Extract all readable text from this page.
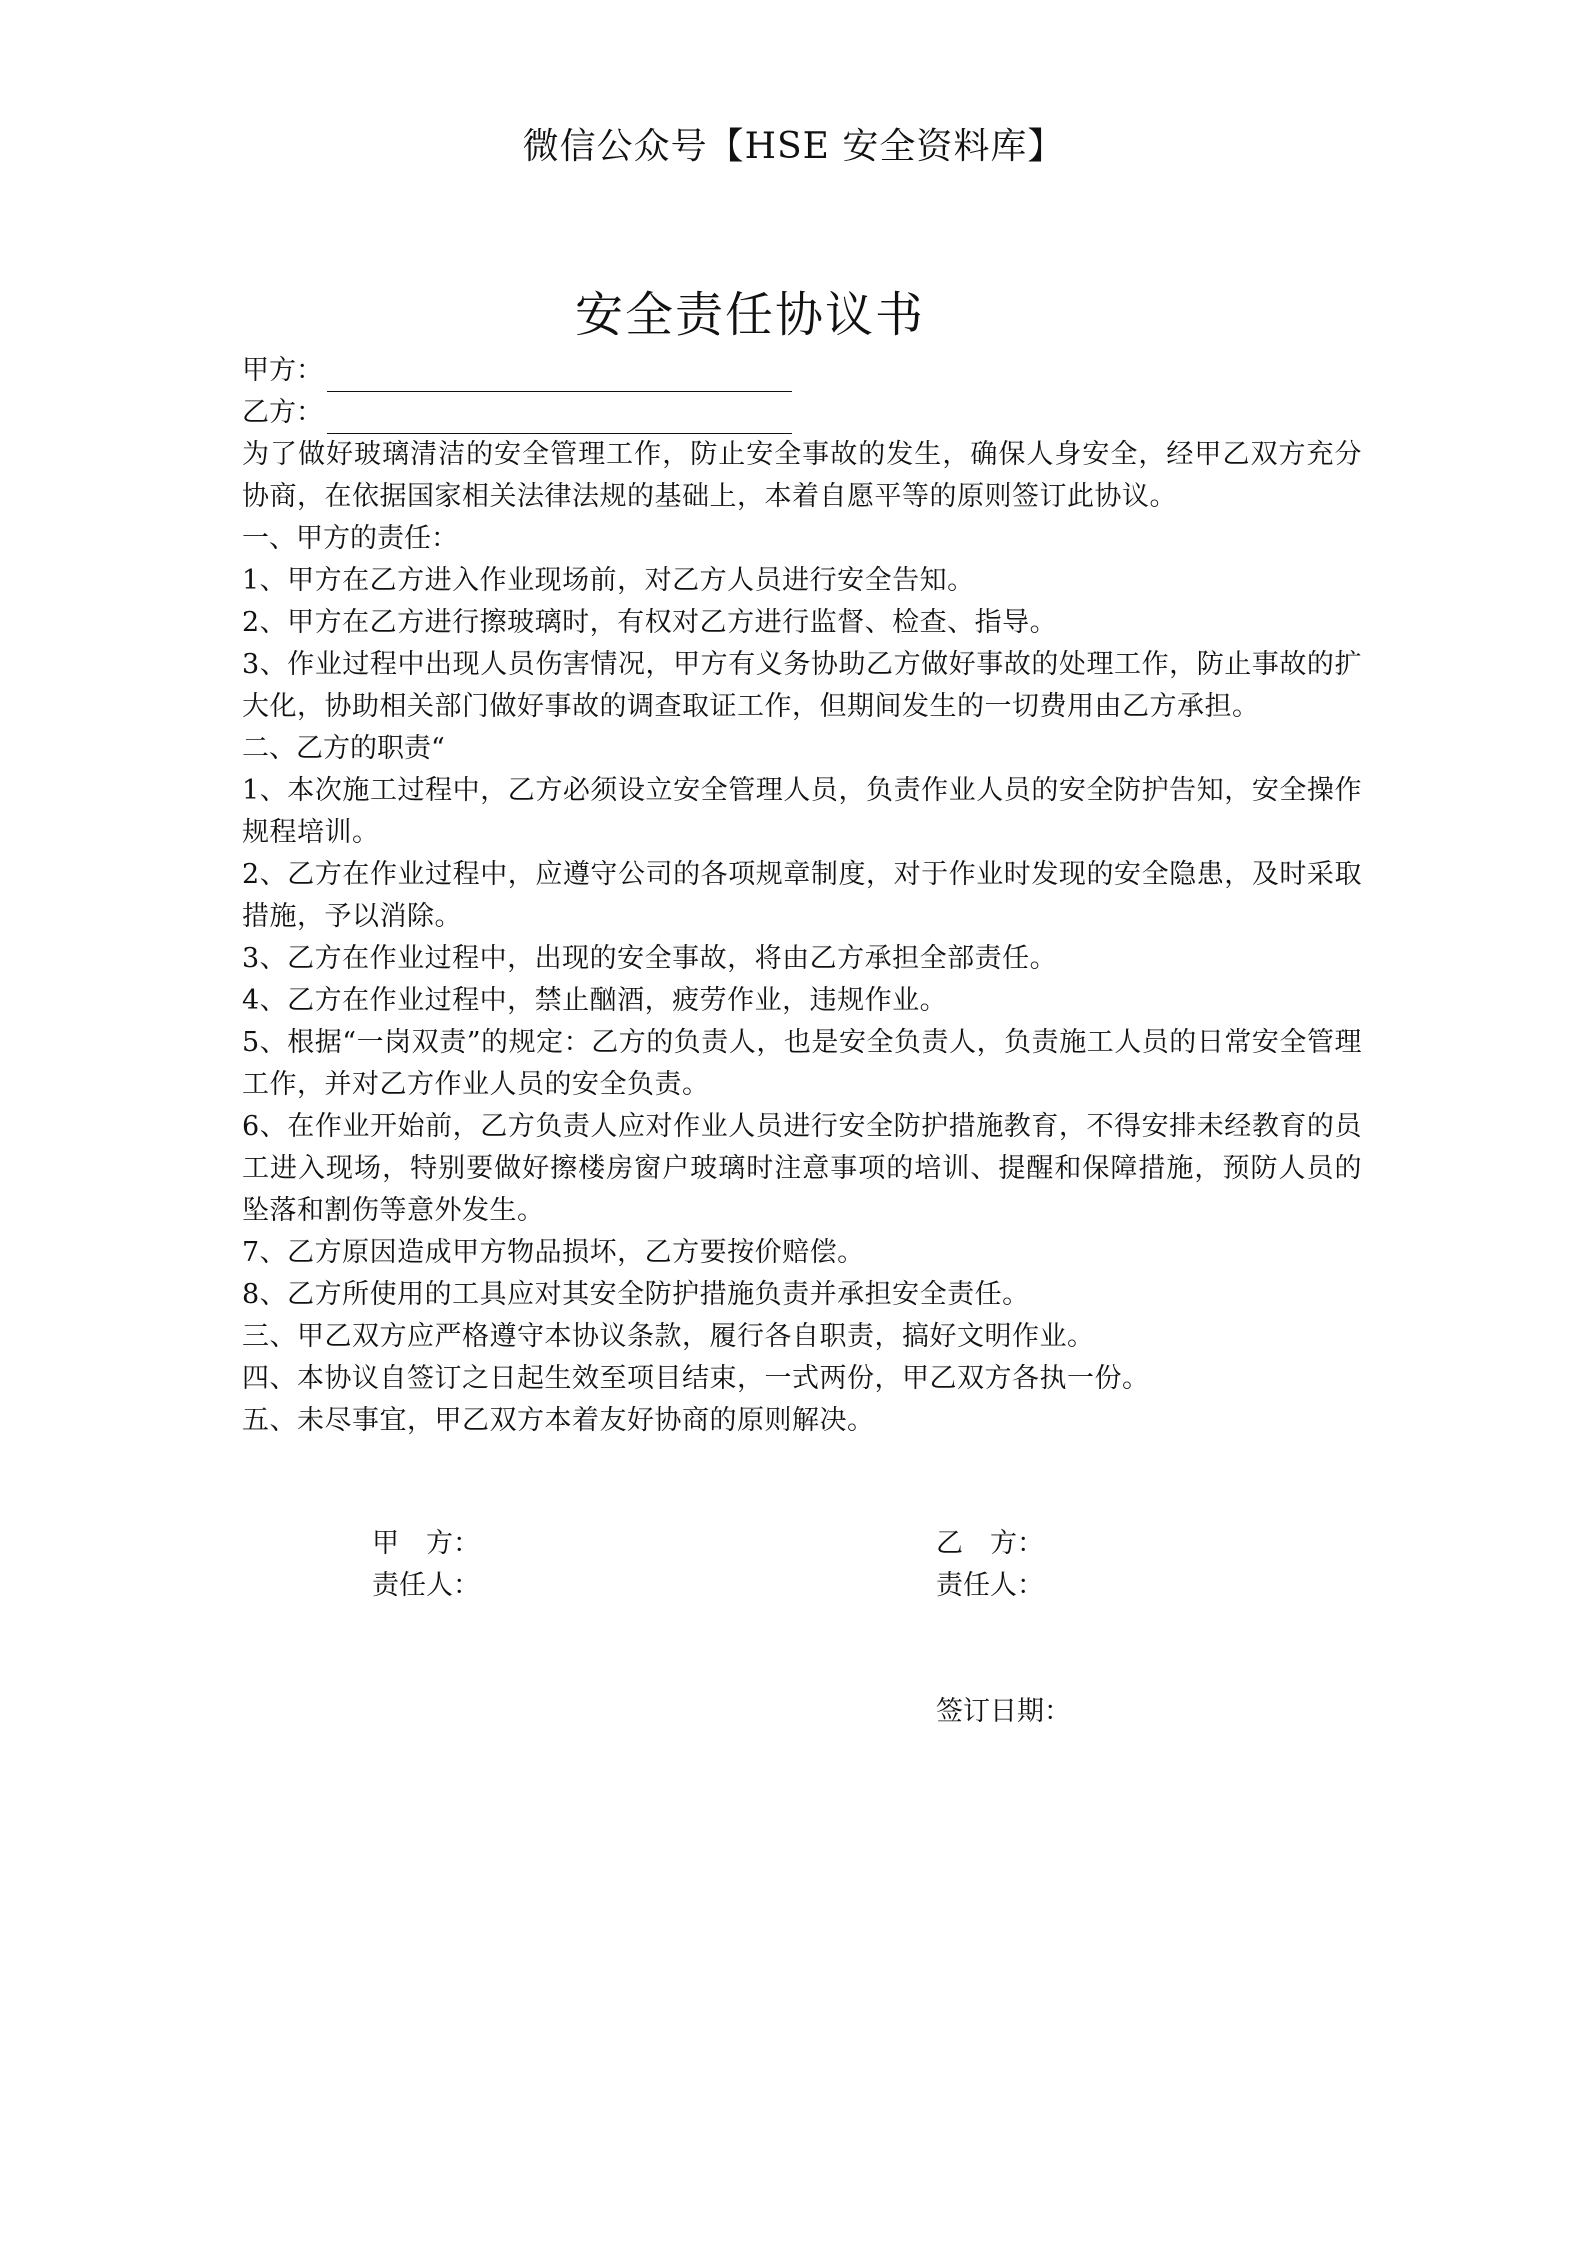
微信公众号【HSE 安全资料库】
安全责任协议书
甲方：
乙方：
为了做好玻璃清洁的安全管理工作，防止安全事故的发生，确保人身安全，经甲乙双方充分协商，在依据国家相关法律法规的基础上，本着自愿平等的原则签订此协议。
一、甲方的责任：
1、甲方在乙方进入作业现场前，对乙方人员进行安全告知。
2、甲方在乙方进行擦玻璃时，有权对乙方进行监督、检查、指导。
3、作业过程中出现人员伤害情况，甲方有义务协助乙方做好事故的处理工作，防止事故的扩大化，协助相关部门做好事故的调查取证工作，但期间发生的一切费用由乙方承担。
二、乙方的职责“
1、本次施工过程中，乙方必须设立安全管理人员，负责作业人员的安全防护告知，安全操作规程培训。
2、乙方在作业过程中，应遵守公司的各项规章制度，对于作业时发现的安全隐患，及时采取措施，予以消除。
3、乙方在作业过程中，出现的安全事故，将由乙方承担全部责任。
4、乙方在作业过程中，禁止酗酒，疲劳作业，违规作业。
5、根据“一岗双责”的规定：乙方的负责人，也是安全负责人，负责施工人员的日常安全管理工作，并对乙方作业人员的安全负责。
6、在作业开始前，乙方负责人应对作业人员进行安全防护措施教育，不得安排未经教育的员工进入现场，特别要做好擦楼房窗户玻璃时注意事项的培训、提醒和保障措施，预防人员的坠落和割伤等意外发生。
7、乙方原因造成甲方物品损坏，乙方要按价赔偿。
8、乙方所使用的工具应对其安全防护措施负责并承担安全责任。
三、甲乙双方应严格遵守本协议条款，履行各自职责，搞好文明作业。
四、本协议自签订之日起生效至项目结束，一式两份，甲乙双方各执一份。
五、未尽事宜，甲乙双方本着友好协商的原则解决。
甲　方：
责任人：
乙　方：
责任人：
签订日期：
